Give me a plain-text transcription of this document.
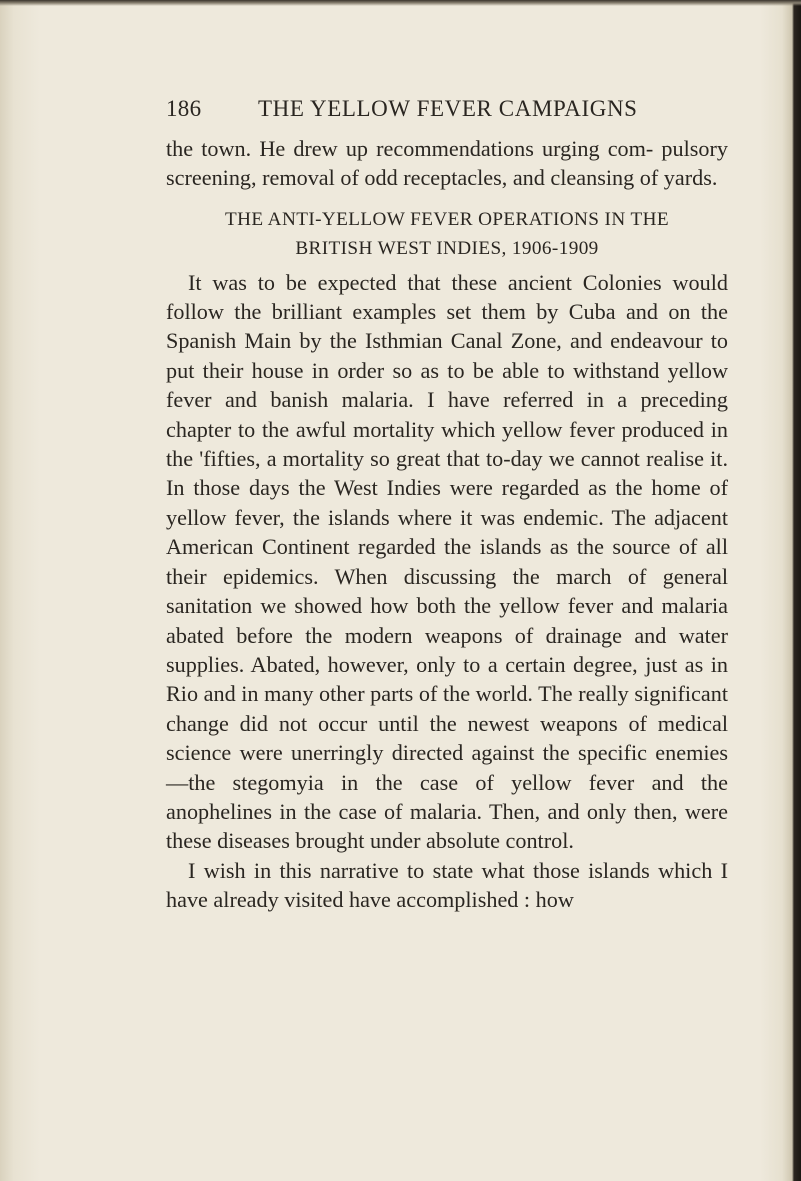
186	THE YELLOW FEVER CAMPAIGNS

the town. He drew up recommendations urging com- pulsory screening, removal of odd receptacles, and cleansing of yards.

THE ANTI-YELLOW FEVER OPERATIONS IN THE
BRITISH WEST INDIES, 1906-1909

It was to be expected that these ancient Colonies would follow the brilliant examples set them by Cuba and on the Spanish Main by the Isthmian Canal Zone, and endeavour to put their house in order so as to be able to withstand yellow fever and banish malaria. I have referred in a preceding chapter to the awful mortality which yellow fever produced in the 'fifties, a mortality so great that to-day we cannot realise it. In those days the West Indies were regarded as the home of yellow fever, the islands where it was endemic. The adjacent American Continent regarded the islands as the source of all their epidemics. When discussing the march of general sanitation we showed how both the yellow fever and malaria abated before the modern weapons of drainage and water supplies. Abated, however, only to a certain degree, just as in Rio and in many other parts of the world. The really significant change did not occur until the newest weapons of medical science were unerringly directed against the specific enemies—the stegomyia in the case of yellow fever and the anophelines in the case of malaria. Then, and only then, were these diseases brought under absolute control.

I wish in this narrative to state what those islands which I have already visited have accomplished : how
